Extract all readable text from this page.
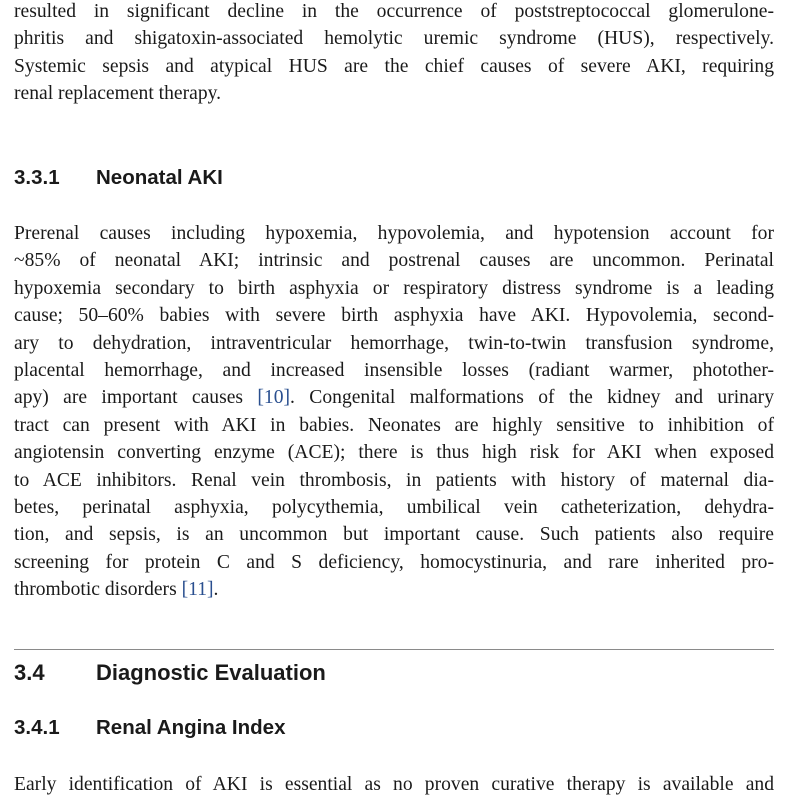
resulted in significant decline in the occurrence of poststreptococcal glomerulone-
phritis and shigatoxin-associated hemolytic uremic syndrome (HUS), respectively.
Systemic sepsis and atypical HUS are the chief causes of severe AKI, requiring
renal replacement therapy.

3.3.1 Neonatal AKI

Prerenal causes including hypoxemia, hypovolemia, and hypotension account for
~85% of neonatal AKI; intrinsic and postrenal causes are uncommon. Perinatal
hypoxemia secondary to birth asphyxia or respiratory distress syndrome is a leading
cause; 50–60% babies with severe birth asphyxia have AKI. Hypovolemia, second-
ary to dehydration, intraventricular hemorrhage, twin-to-twin transfusion syndrome,
placental hemorrhage, and increased insensible losses (radiant warmer, photother-
apy) are important causes [10]. Congenital malformations of the kidney and urinary
tract can present with AKI in babies. Neonates are highly sensitive to inhibition of
angiotensin converting enzyme (ACE); there is thus high risk for AKI when exposed
to ACE inhibitors. Renal vein thrombosis, in patients with history of maternal dia-
betes, perinatal asphyxia, polycythemia, umbilical vein catheterization, dehydra-
tion, and sepsis, is an uncommon but important cause. Such patients also require
screening for protein C and S deficiency, homocystinuria, and rare inherited pro-
thrombotic disorders [11].

3.4 Diagnostic Evaluation
3.4.1 Renal Angina Index

Early identification of AKI is essential as no proven curative therapy is available and
